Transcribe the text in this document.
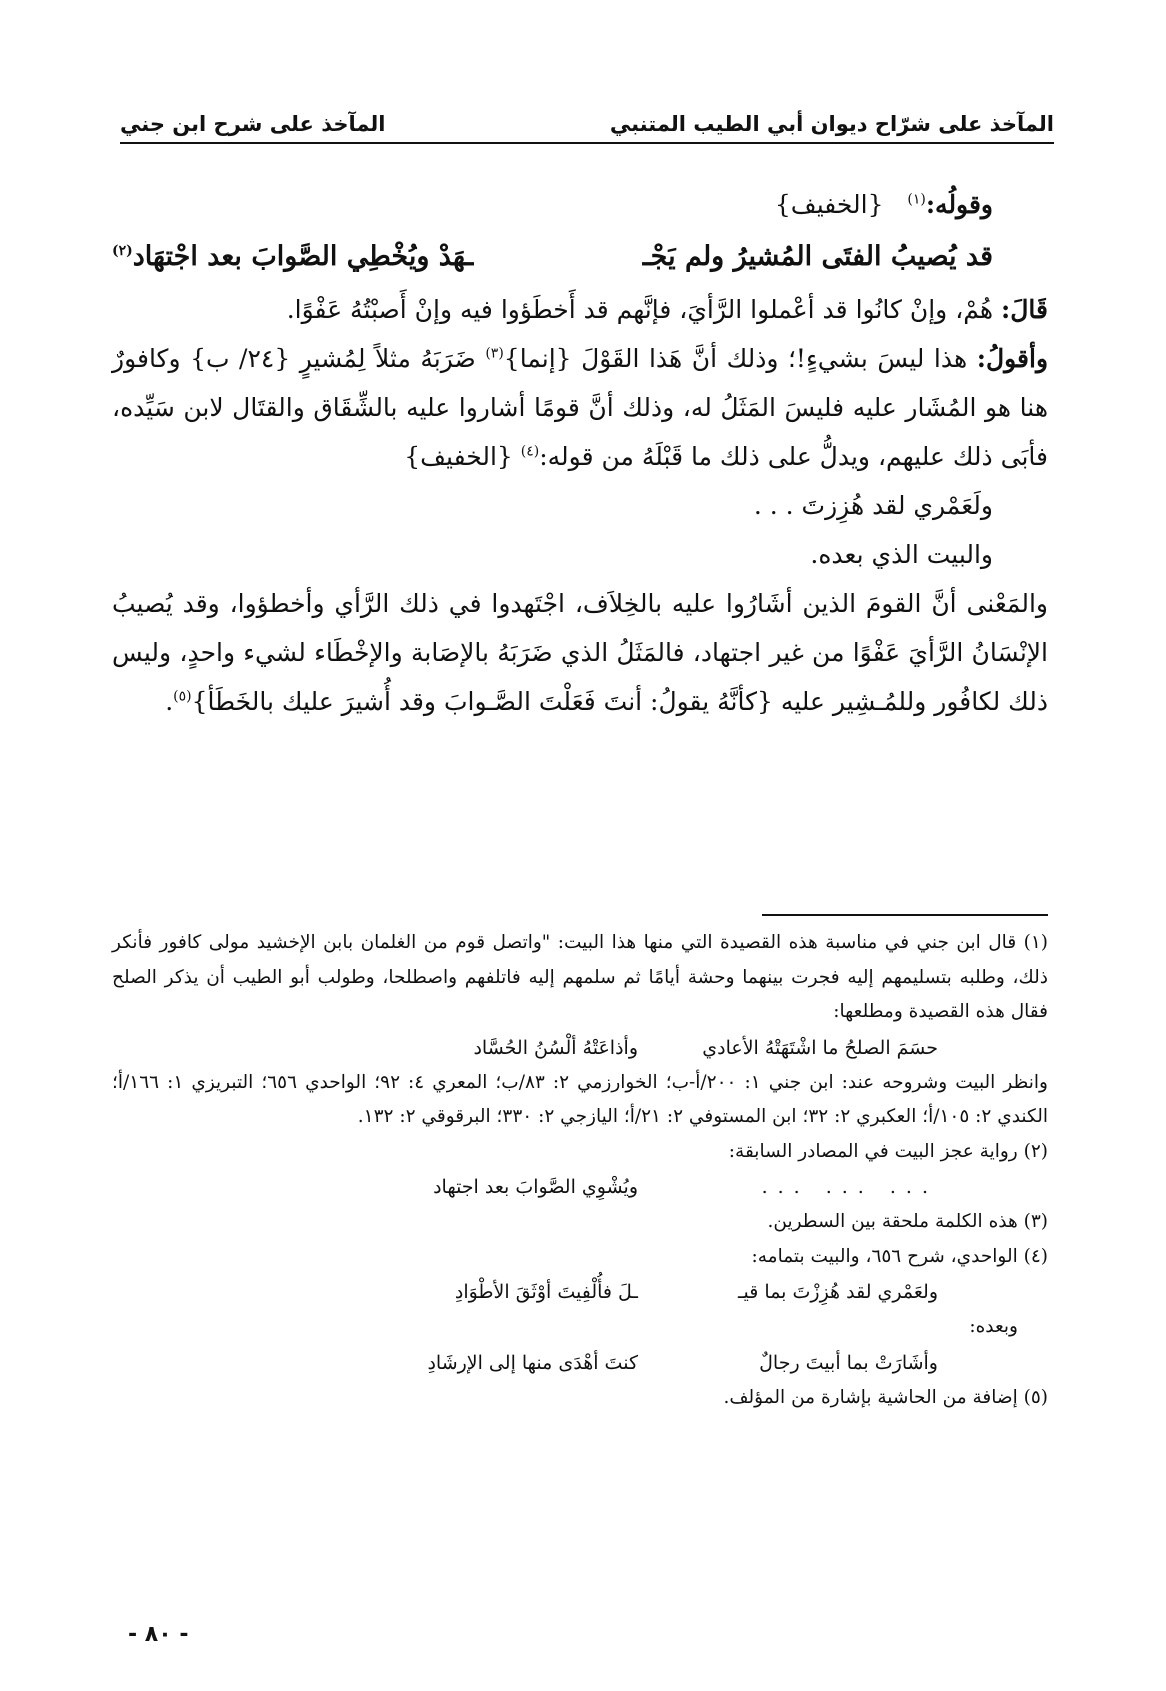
المآخذ على شرّاح ديوان أبي الطيب المتنبي
المآخذ على شرح ابن جني

وقولُه:$^{(١)}$   {الخفيف}

قد يُصيبُ الفتَى المُشيرُ ولم يَجْـ
ـهَدْ ويُخْطِي الصَّوابَ بعد اجْتهَاد$^{(٢)}$

قَالَ: هُمْ، وإنْ كانُوا قد أعْملوا الرَّأيَ، فإنَّهم قد أَخطَؤوا فيه وإنْ أَصبْتُهُ عَفْوًا.

وأقولُ: هذا ليسَ بشيءٍ!؛ وذلك أنَّ هَذا القَوْلَ {إنما}$^{(٣)}$ ضَرَبَهُ مثلاً لِمُشيرٍ {٢٤/ ب} وكافورٌ هنا هو المُشَار عليه فليسَ المَثَلُ له، وذلك أنَّ قومًا أشاروا عليه بالشِّقَاق والقتَال لابن سَيِّده، فأبَى ذلك عليهم، ويدلُّ على ذلك ما قَبْلَهُ من قوله:$^{(٤)}$ {الخفيف}

ولَعَمْري لقد هُزِزتَ . . .

والبيت الذي بعده.

والمَعْنى أنَّ القومَ الذين أشَارُوا عليه بالخِلاَف، اجْتَهدوا في ذلك الرَّأي وأخطؤوا، وقد يُصيبُ الإنْسَانُ الرَّأيَ عَفْوًا من غير اجتهاد، فالمَثَلُ الذي ضَرَبَهُ بالإصَابة والإخْطَاء لشيء واحدٍ، وليس ذلك لكافُور وللمُـشِير عليه {كأنَّهُ يقولُ: أنتَ فَعَلْتَ الصَّـوابَ وقد أُشيرَ عليك بالخَطَأ}$^{(٥)}$.

(١) قال ابن جني في مناسبة هذه القصيدة التي منها هذا البيت: "واتصل قوم من الغلمان بابن الإخشيد مولى كافور فأنكر ذلك، وطلبه بتسليمهم إليه فجرت بينهما وحشة أيامًا ثم سلمهم إليه فاتلفهم واصطلحا، وطولب أبو الطيب أن يذكر الصلح فقال هذه القصيدة ومطلعها:

حسَمَ الصلحُ ما اشْتَهَتْهُ الأعادي
وأذاعَتْهُ ألْسُنُ الحُسَّاد

وانظر البيت وشروحه عند: ابن جني ١: ٢٠٠/أ-ب؛ الخوارزمي ٢: ٨٣/ب؛ المعري ٤: ٩٢؛ الواحدي ٦٥٦؛ التبريزي ١: ١٦٦/أ؛ الكندي ٢: ١٠٥/أ؛ العكبري ٢: ٣٢؛ ابن المستوفي ٢: ٢١/أ؛ اليازجي ٢: ٣٣٠؛ البرقوقي ٢: ١٣٢.

(٢) رواية عجز البيت في المصادر السابقة:

... ... ...
ويُشْوِي الصَّوابَ بعد اجتهاد

(٣) هذه الكلمة ملحقة بين السطرين.

(٤) الواحدي، شرح ٦٥٦، والبيت بتمامه:

ولعَمْري لقد هُزِزْتَ بما قيـ
ـلَ فأُلْفِيتَ أوْثَقَ الأطْوَادِ

وبعده:

وأشَارَتْ بما أبيتَ رجالٌ
كنتَ أهْدَى منها إلى الإرشَادِ

(٥) إضافة من الحاشية بإشارة من المؤلف.

- ٨٠ -
